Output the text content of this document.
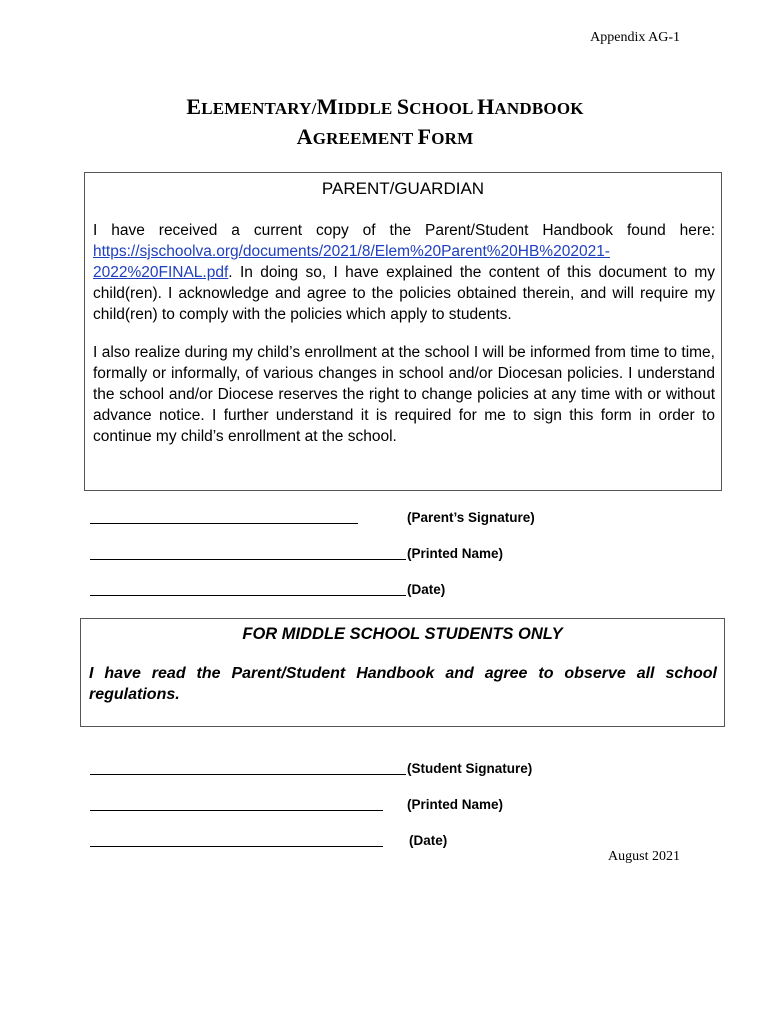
Appendix AG-1
ELEMENTARY/MIDDLE SCHOOL HANDBOOK
AGREEMENT FORM
PARENT/GUARDIAN
I have received a current copy of the Parent/Student Handbook found here: https://sjschoolva.org/documents/2021/8/Elem%20Parent%20HB%202021-2022%20FINAL.pdf. In doing so, I have explained the content of this document to my child(ren). I acknowledge and agree to the policies obtained therein, and will require my child(ren) to comply with the policies which apply to students.
I also realize during my child’s enrollment at the school I will be informed from time to time, formally or informally, of various changes in school and/or Diocesan policies. I understand the school and/or Diocese reserves the right to change policies at any time with or without advance notice. I further understand it is required for me to sign this form in order to continue my child’s enrollment at the school.
(Parent’s Signature)
(Printed Name)
(Date)
FOR MIDDLE SCHOOL STUDENTS ONLY
I have read the Parent/Student Handbook and agree to observe all school regulations.
(Student Signature)
(Printed Name)
(Date)
August 2021
